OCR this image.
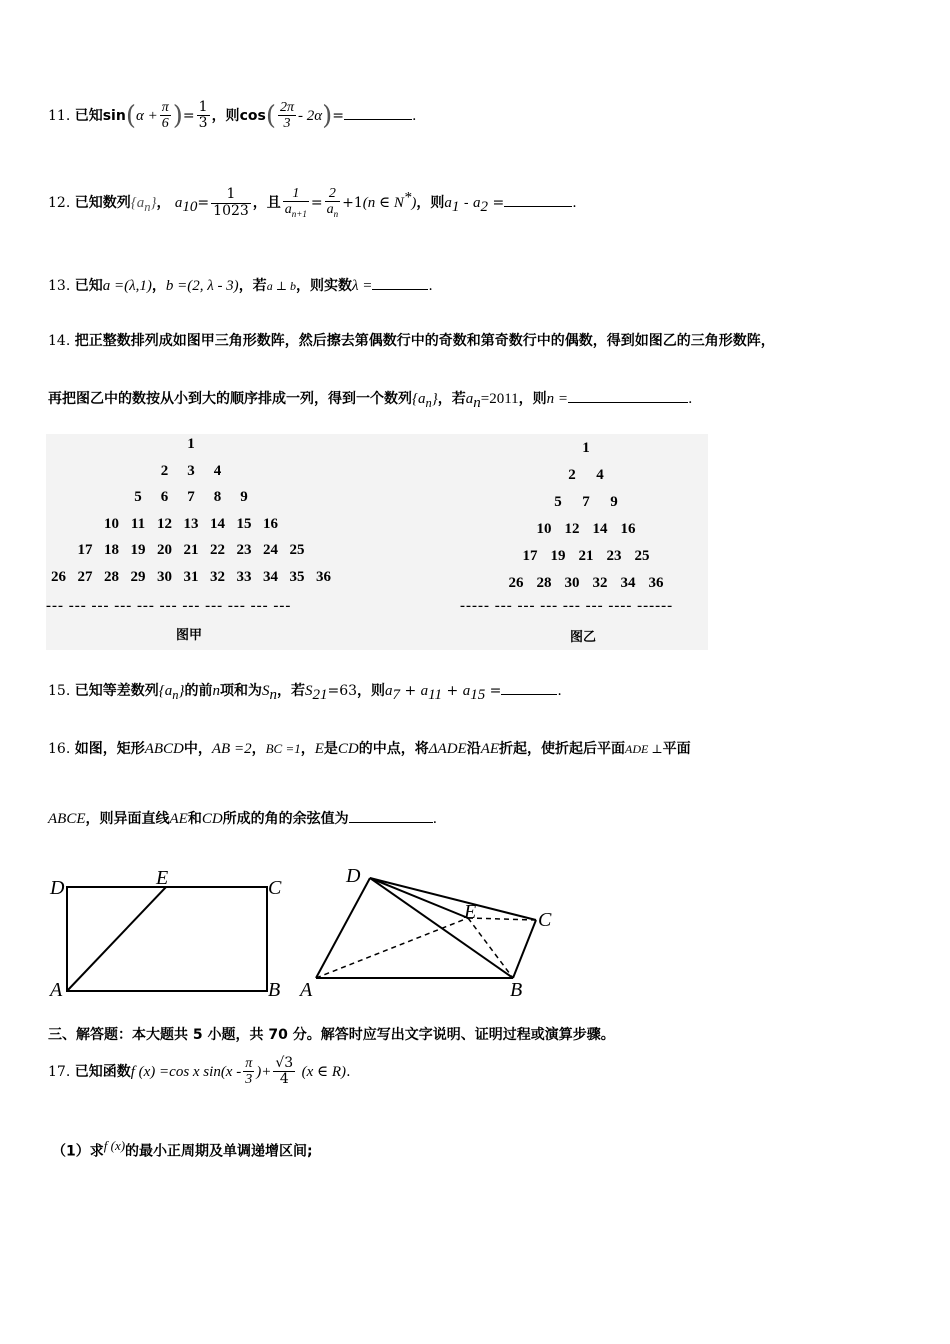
11. 已知$\sin(\alpha + \frac{\pi}{6}$ )= $\frac{1}{3}$ ，则$\cos( \frac{2\pi}{3} - 2\alpha)=$	.
12. 已知数列$\{a_n\}$， $a_{10}= \frac{1}{1023}$ ，且 $\frac{1}{a_{n+1}} = \frac{2}{a_n} +1(n$ ∈ N*)，则$a_1 - a_2$ =	.
13. 已知a =(λ,1)，b =(2, λ - 3)，若a ⊥ b，则实数λ =	.
14. 把正整数排列成如图甲三角形数阵，然后擦去第偶数行中的奇数和第奇数行中的偶数，得到如图乙的三角形数阵，
再把图乙中的数按从小到大的顺序排成一列，得到一个数列$\{a_n\}$，若$a_n=2011$，则n =	.
1
2	3	4
5	6	7	8	9
10 11 12 13 14 15 16
17 18 19 20 21 22 23 24 25
26 27 28 29 30 31 32 33 34 35 36
1
2	4
5	7	9
10 12 14 16
17 19 21 23 25
26 28 30 32 34 36
--- --- --- --- --- --- --- --- --- --- ---	----- --- --- --- --- --- ---- ------
图甲	图乙
15. 已知等差数列$\{a_n\}$的前n项和为$S_n$，若$S_{21}=63$，则$a_7 + a_{11} + a_{15}$ =	.
16. 如图，矩形ABCD中，AB =2，BC =1，E是CD的中点，将ΔADE沿AE折起，使折起后平面ADE ⊥平面
ABCE，则异面直线AE和CD所成的角的余弦值为	.
D	E	C
A	B
D
E	C
A	B
三、解答题：本大题共 5 小题，共 70 分。解答时应写出文字说明、证明过程或演算步骤。
17. 已知函数f (x) =cos x $\sin(x - \frac{\pi}{3}$ )+ $\frac{√3}{4} (x$ ∈ R).
（1）求$^{f (x)}$的最小正周期及单调递增区间;
